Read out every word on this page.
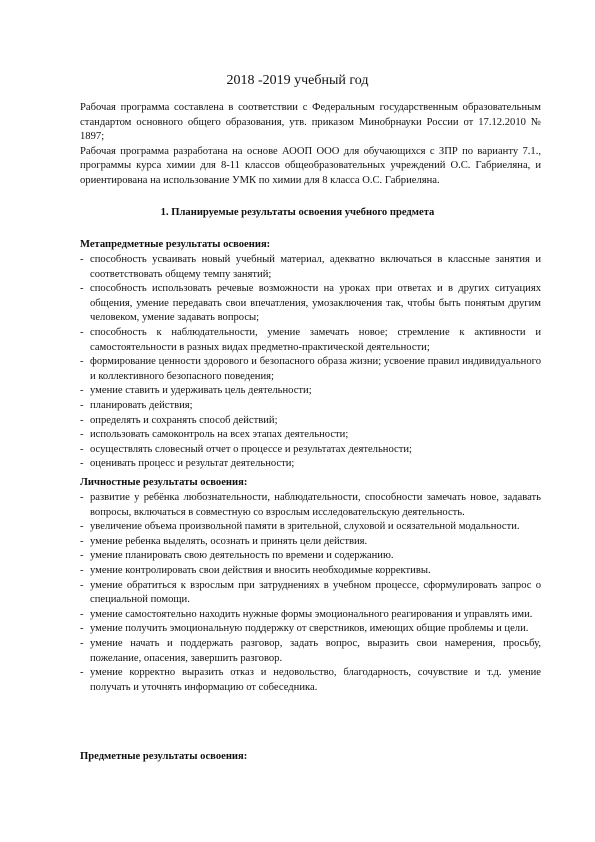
2018 -2019 учебный год

Рабочая программа составлена в соответствии с Федеральным государственным образовательным стандартом основного общего образования, утв. приказом Минобрнауки России от 17.12.2010 № 1897;

Рабочая программа разработана на основе АООП ООО для обучающихся с ЗПР по варианту 7.1., программы курса химии для 8-11 классов общеобразовательных учреждений О.С. Габриеляна, и ориентирована на использование УМК по химии для 8 класса О.С. Габриеляна.

1. Планируемые результаты освоения учебного предмета
Метапредметные результаты освоения:
- способность усваивать новый учебный материал, адекватно включаться в классные занятия и соответствовать общему темпу занятий;
- способность использовать речевые возможности на уроках при ответах и в других ситуациях общения, умение передавать свои впечатления, умозаключения так, чтобы быть понятым другим человеком, умение задавать вопросы;
- способность к наблюдательности, умение замечать новое; стремление к активности и самостоятельности в разных видах предметно-практической деятельности;
- формирование ценности здорового и безопасного образа жизни; усвоение правил индивидуального и коллективного безопасного поведения;
- умение ставить и удерживать цель деятельности;
- планировать действия;
- определять и сохранять способ действий;
- использовать самоконтроль на всех этапах деятельности;
- осуществлять словесный отчет о процессе и результатах деятельности;
- оценивать процесс и результат деятельности;
Личностные результаты освоения:
- развитие у ребёнка любознательности, наблюдательности, способности замечать новое, задавать вопросы, включаться в совместную со взрослым исследовательскую деятельность.
- увеличение объема произвольной памяти в зрительной, слуховой и осязательной модальности.
- умение ребенка выделять, осознать и принять цели действия.
- умение планировать свою деятельность по времени и содержанию.
- умение контролировать свои действия и вносить необходимые коррективы.
- умение обратиться к взрослым при затруднениях в учебном процессе, сформулировать запрос о специальной помощи.
- умение самостоятельно находить нужные формы эмоционального реагирования и управлять ими.
- умение получить эмоциональную поддержку от сверстников, имеющих общие проблемы и цели.
- умение начать и поддержать разговор, задать вопрос, выразить свои намерения, просьбу, пожелание, опасения, завершить разговор.
- умение корректно выразить отказ и недовольство, благодарность, сочувствие и т.д. умение получать и уточнять информацию от собеседника.
Предметные результаты освоения:
